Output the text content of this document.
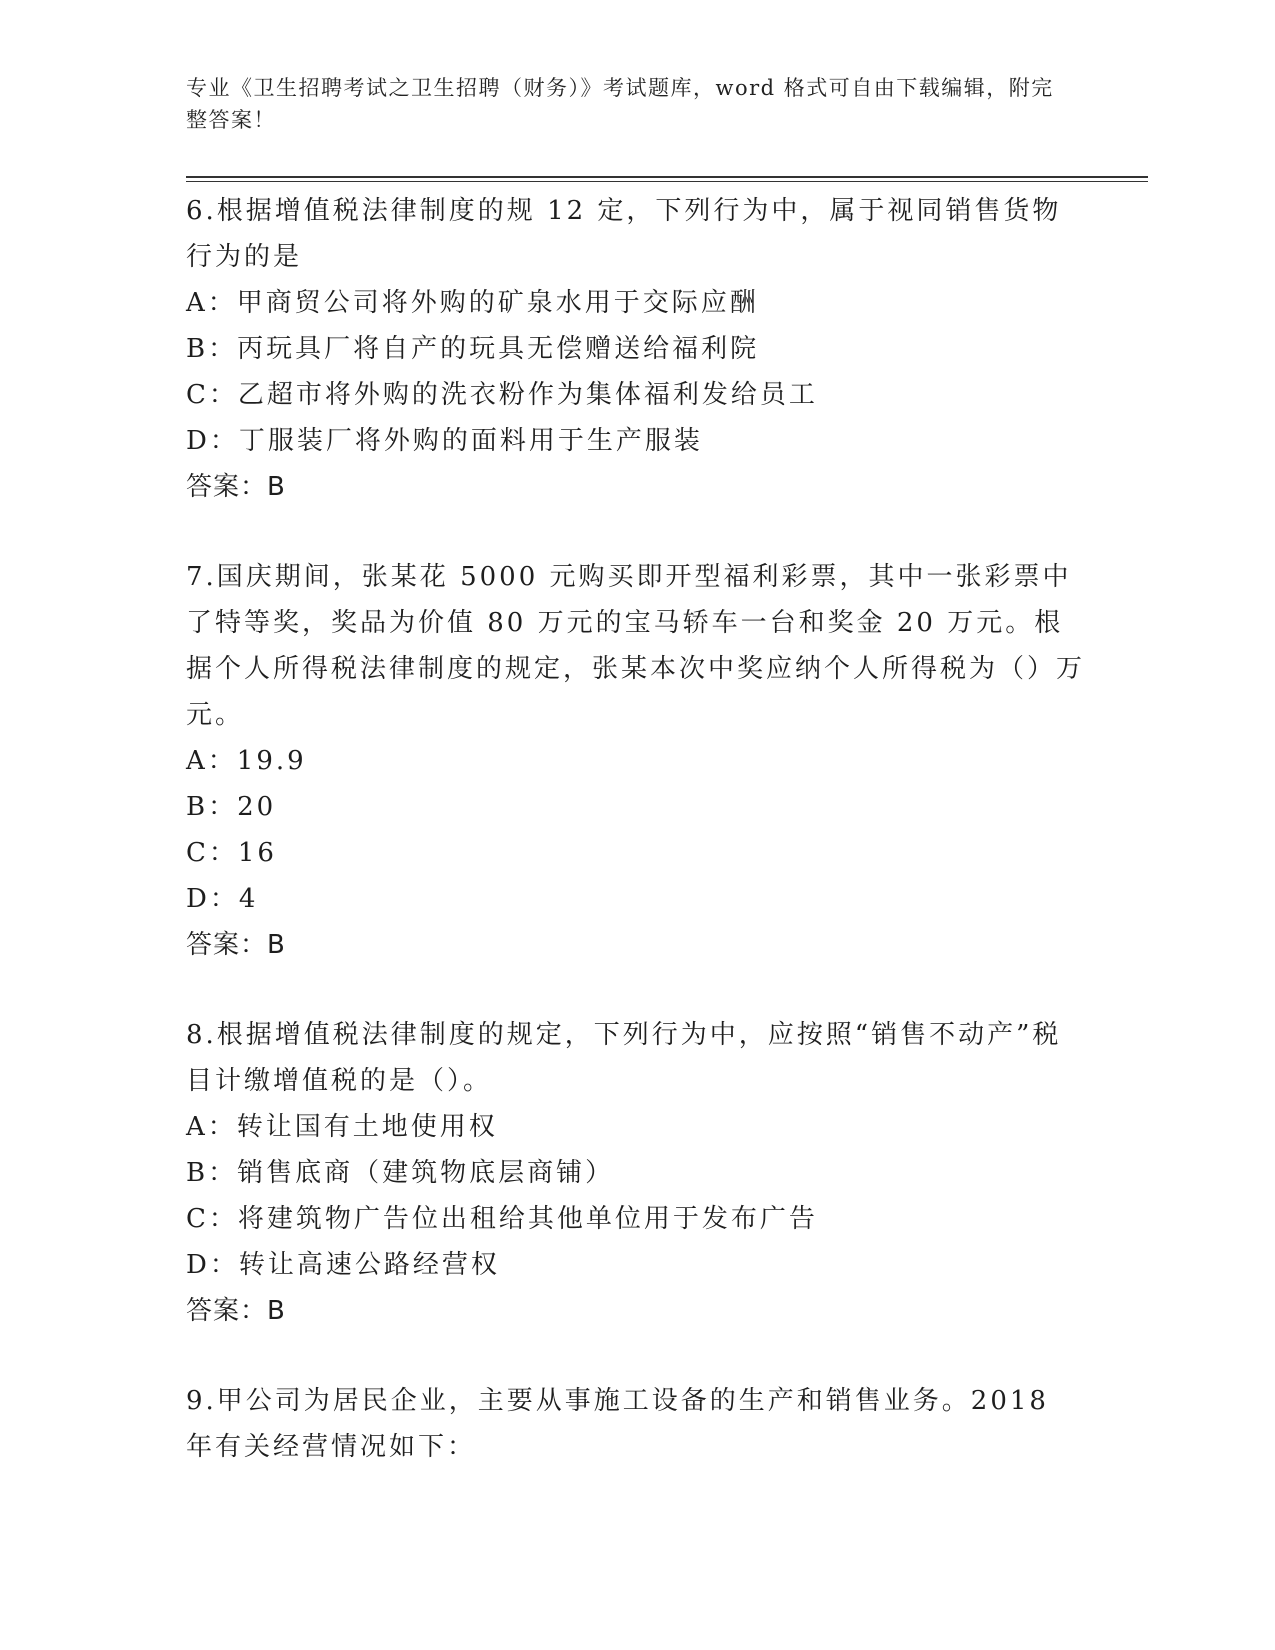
专业《卫生招聘考试之卫生招聘（财务）》考试题库，word 格式可自由下载编辑，附完整答案！
6.根据增值税法律制度的规 12 定，下列行为中，属于视同销售货物行为的是
A：甲商贸公司将外购的矿泉水用于交际应酬
B：丙玩具厂将自产的玩具无偿赠送给福利院
C：乙超市将外购的洗衣粉作为集体福利发给员工
D：丁服装厂将外购的面料用于生产服装
答案：B
7.国庆期间，张某花 5000 元购买即开型福利彩票，其中一张彩票中了特等奖，奖品为价值 80 万元的宝马轿车一台和奖金 20 万元。根据个人所得税法律制度的规定，张某本次中奖应纳个人所得税为（）万元。
A：19.9
B：20
C：16
D：4
答案：B
8.根据增值税法律制度的规定，下列行为中，应按照“销售不动产”税目计缴增值税的是（）。
A：转让国有土地使用权
B：销售底商（建筑物底层商铺）
C：将建筑物广告位出租给其他单位用于发布广告
D：转让高速公路经营权
答案：B
9.甲公司为居民企业，主要从事施工设备的生产和销售业务。2018 年有关经营情况如下：
